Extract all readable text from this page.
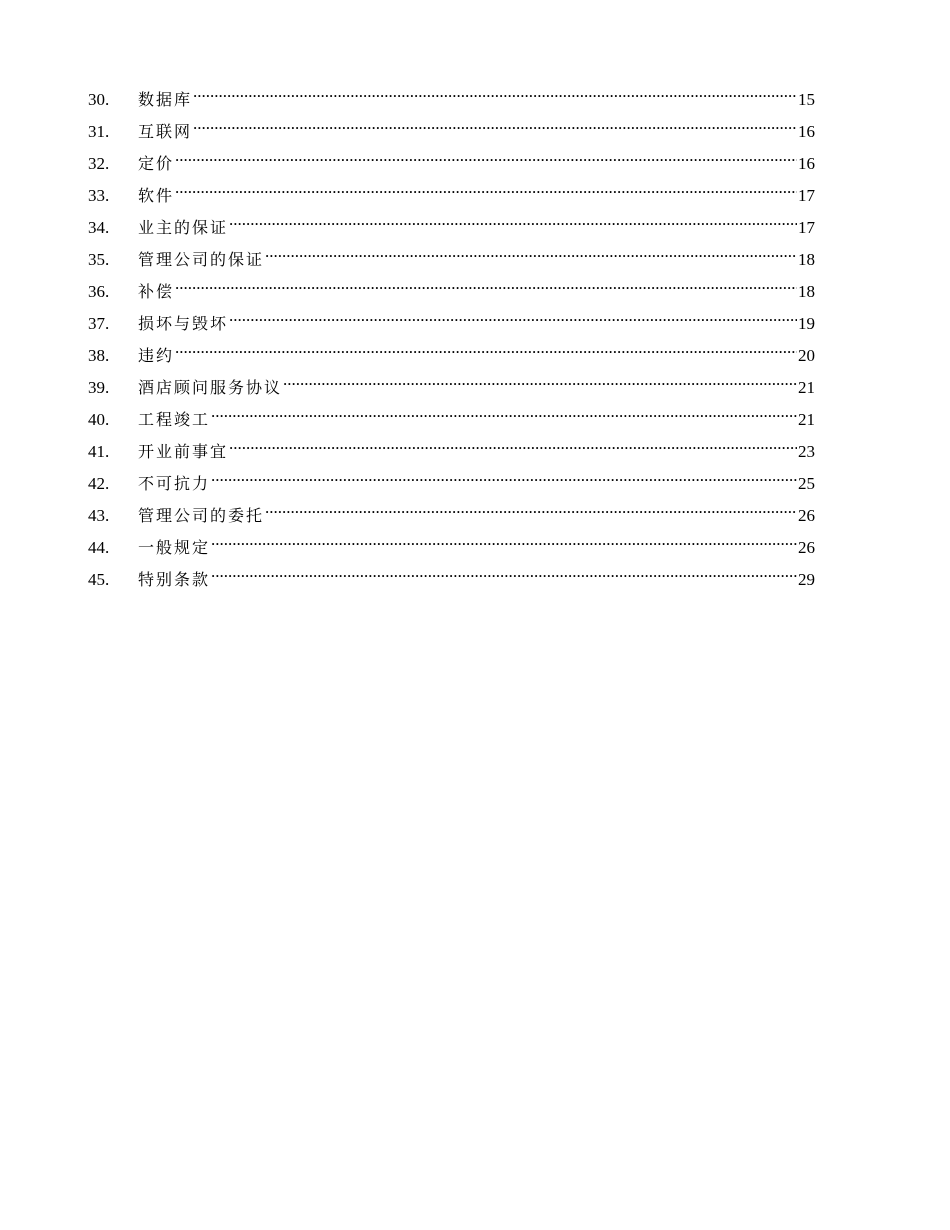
30.	数据库 .....	15
31.	互联网 .....	16
32.	定价 .....	16
33.	软件 .....	17
34.	业主的保证 .....	17
35.	管理公司的保证 .....	18
36.	补偿 .....	18
37.	损坏与毁坏 .....	19
38.	违约 .....	20
39.	酒店顾问服务协议 .....	21
40.	工程竣工 .....	21
41.	开业前事宜 .....	23
42.	不可抗力 .....	25
43.	管理公司的委托 .....	26
44.	一般规定 .....	26
45.	特别条款 .....	29
